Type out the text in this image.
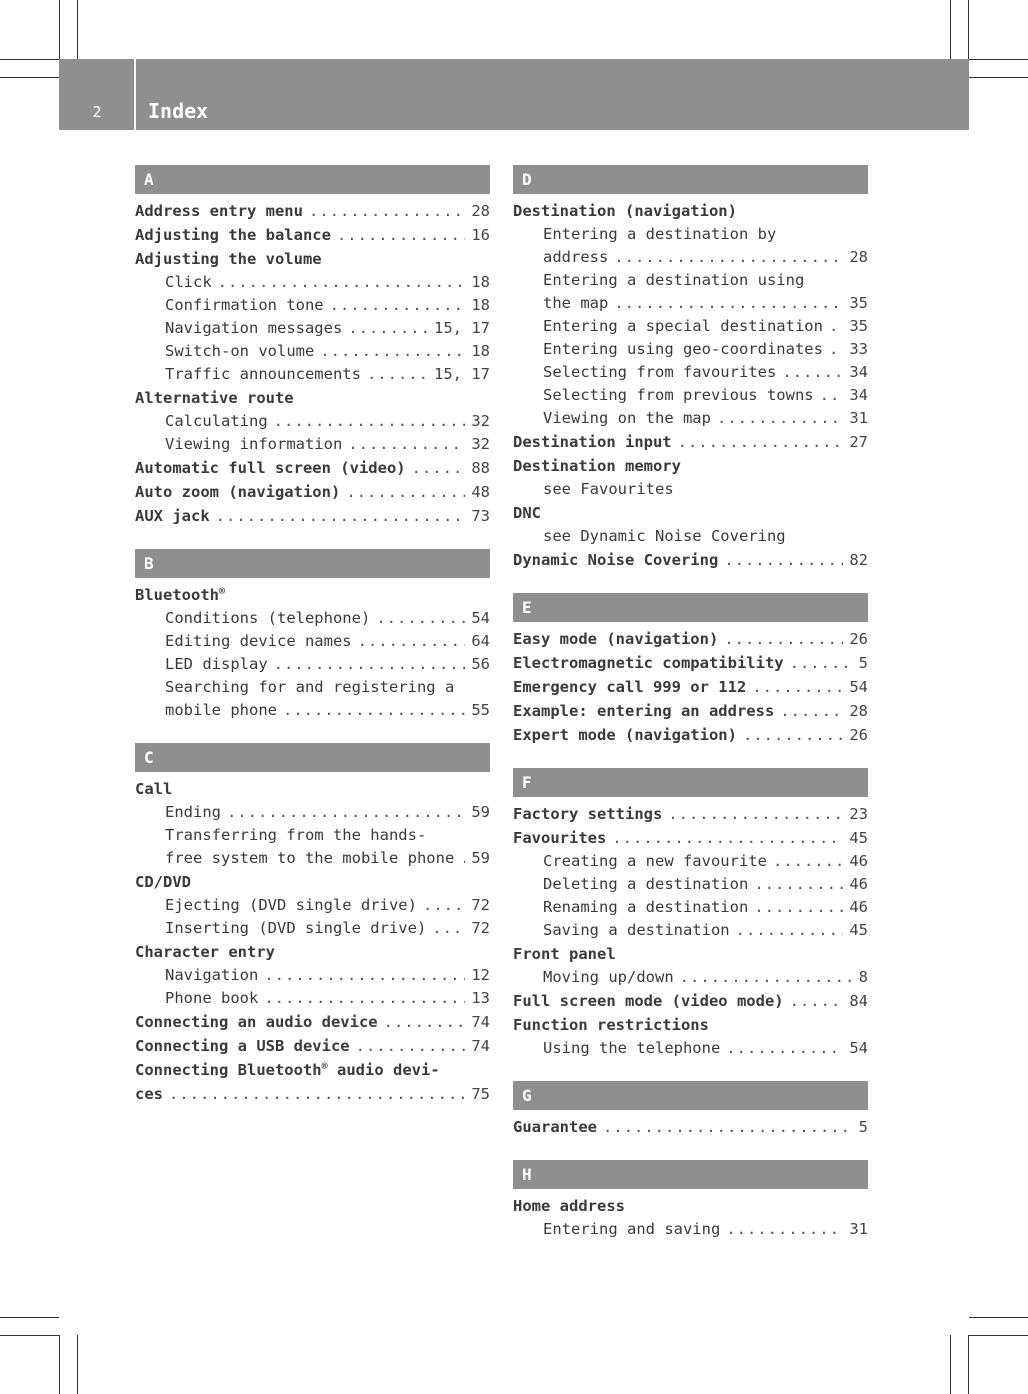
2	Index
A
Address entry menu .....	28
Adjusting the balance .....	16
Adjusting the volume
Click .....	18
Confirmation tone .....	18
Navigation messages .....	15, 17
Switch-on volume .....	18
Traffic announcements .....	15, 17
Alternative route
Calculating .....	32
Viewing information .....	32
Automatic full screen (video) .....	88
Auto zoom (navigation) .....	48
AUX jack .....	73
B
Bluetooth®
Conditions (telephone) .....	54
Editing device names .....	64
LED display .....	56
Searching for and registering a
mobile phone .....	55
C
Call
Ending .....	59
Transferring from the hands-
free system to the mobile phone ..... 59
CD/DVD
Ejecting (DVD single drive) .....	72
Inserting (DVD single drive) .....	72
Character entry
Navigation .....	12
Phone book .....	13
Connecting an audio device .....	74
Connecting a USB device .....	74
Connecting Bluetooth® audio devi-
ces .....	75
D
Destination (navigation)
Entering a destination by
address .....	28
Entering a destination using
the map .....	35
Entering a special destination ..... 35
Entering using geo-coordinates ..... 33
Selecting from favourites .....	34
Selecting from previous towns ..... 34
Viewing on the map .....	31
Destination input .....	27
Destination memory
see Favourites
DNC
see Dynamic Noise Covering
Dynamic Noise Covering .....	82
E
Easy mode (navigation) .....	26
Electromagnetic compatibility .....	5
Emergency call 999 or 112 .....	54
Example: entering an address .....	28
Expert mode (navigation) .....	26
F
Factory settings .....	23
Favourites .....	45
Creating a new favourite .....	46
Deleting a destination .....	46
Renaming a destination .....	46
Saving a destination .....	45
Front panel
Moving up/down .....	8
Full screen mode (video mode) .....	84
Function restrictions
Using the telephone .....	54
G
Guarantee .....	5
H
Home address
Entering and saving .....	31
